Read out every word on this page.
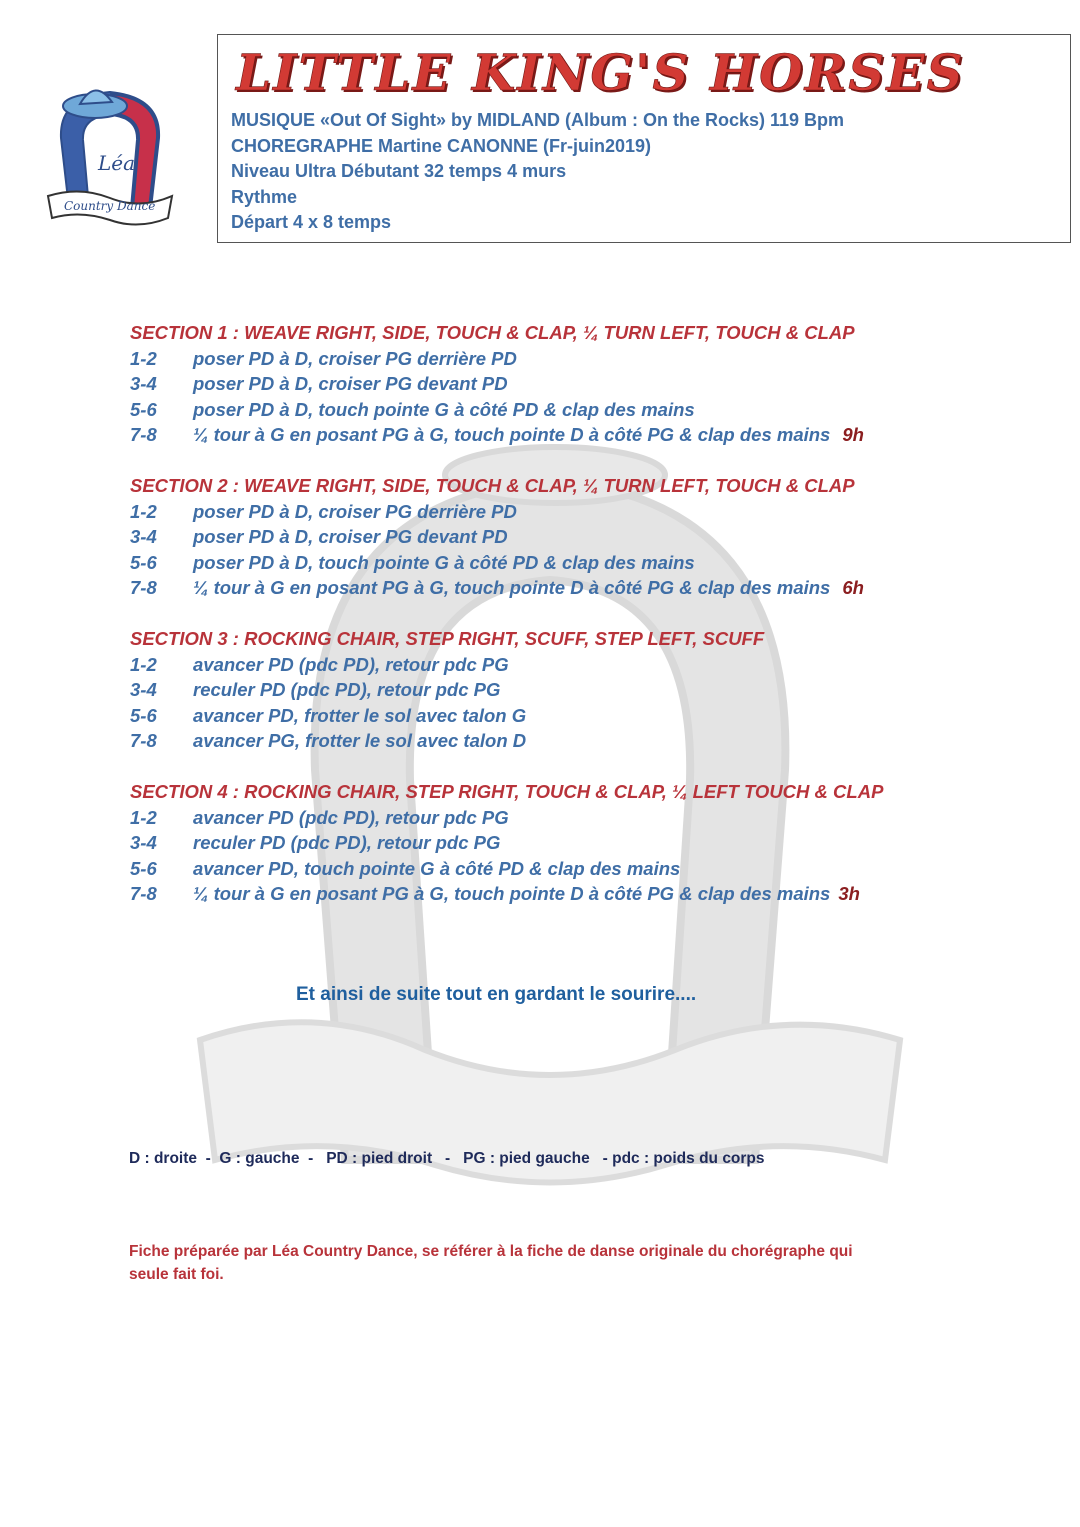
Léa
Country Dance
LITTLE KING'S HORSES
MUSIQUE «Out Of Sight» by MIDLAND (Album : On the Rocks) 119 Bpm
CHOREGRAPHE Martine CANONNE (Fr-juin2019)
Niveau Ultra Débutant 32 temps 4 murs
Rythme
Départ 4 x 8 temps
SECTION 1 : WEAVE RIGHT, SIDE, TOUCH & CLAP, ¼ TURN LEFT, TOUCH & CLAP
1-2	poser PD à D, croiser PG derrière PD
3-4	poser PD à D, croiser PG devant PD
5-6	poser PD à D, touch pointe G à côté PD & clap des mains
7-8	¼ tour à G en posant PG à G, touch pointe D à côté PG & clap des mains 9h
SECTION 2 : WEAVE RIGHT, SIDE, TOUCH & CLAP, ¼ TURN LEFT, TOUCH & CLAP
1-2	poser PD à D, croiser PG derrière PD
3-4	poser PD à D, croiser PG devant PD
5-6	poser PD à D, touch pointe G à côté PD & clap des mains
7-8	¼ tour à G en posant PG à G, touch pointe D à côté PG & clap des mains 6h
SECTION 3 : ROCKING CHAIR, STEP RIGHT, SCUFF, STEP LEFT, SCUFF
1-2	avancer PD (pdc PD), retour pdc PG
3-4	reculer PD (pdc PD), retour pdc PG
5-6	avancer PD, frotter le sol avec talon G
7-8	avancer PG, frotter le sol avec talon D
SECTION 4 : ROCKING CHAIR, STEP RIGHT, TOUCH & CLAP, ¼ LEFT TOUCH & CLAP
1-2	avancer PD (pdc PD), retour pdc PG
3-4	reculer PD (pdc PD), retour pdc PG
5-6	avancer PD, touch pointe G à côté PD & clap des mains
7-8	¼ tour à G en posant PG à G, touch pointe D à côté PG & clap des mains 3h
Et ainsi de suite tout en gardant le sourire....
D : droite  -  G : gauche  -   PD : pied droit   -   PG : pied gauche   - pdc : poids du corps
Fiche préparée par Léa Country Dance, se référer à la fiche de danse originale du chorégraphe qui seule fait foi.
